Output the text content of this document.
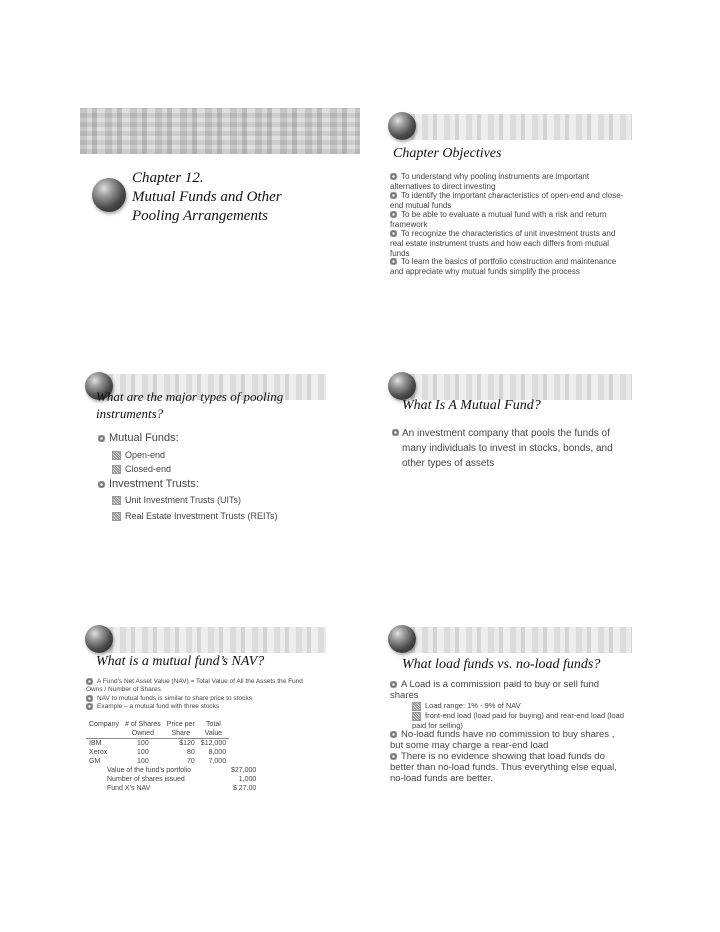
Chapter 12.
Mutual Funds and Other
Pooling Arrangements
Chapter Objectives
To understand why pooling instruments are important alternatives to direct investing
To identify the important characteristics of open-end and close-end mutual funds
To be able to evaluate a mutual fund with a risk and return framework
To recognize the characteristics of unit investment trusts and real estate instrument trusts and how each differs from mutual funds
To learn the basics of portfolio construction and maintenance and appreciate why mutual funds simplify the process
What are the major types of pooling instruments?
Mutual Funds:
Open-end
Closed-end
Investment Trusts:
Unit Investment Trusts (UITs)
Real Estate Investment Trusts (REITs)
What Is A Mutual Fund?
An investment company that pools the funds of many individuals to invest in stocks, bonds, and other types of assets
What is a mutual fund’s NAV?
A Fund’s Net Asset Value (NAV) = Total Value of All the Assets the Fund Owns / Number of Shares
NAV to mutual funds is similar to share price to stocks
Example – a mutual fund with three stocks
Company	# of Shares	Price per	Total
	Owned	Share	Value
IBM	100	$120	$12,000
Xerox	100	80	8,000
GM	100	70	7,000
Value of the fund’s portfolio	$27,000
Number of shares issued	1,000
Fund X’s NAV	$ 27.00
What load funds vs. no-load funds?
A Load is a commission paid to buy or sell fund shares
Load range: 1% - 9% of NAV
front-end load (load paid for buying) and rear-end load (load paid for selling)
No-load funds have no commission to buy shares , but some may charge a rear-end load
There is no evidence showing that load funds do better than no-load funds. Thus everything else equal, no-load funds are better.
